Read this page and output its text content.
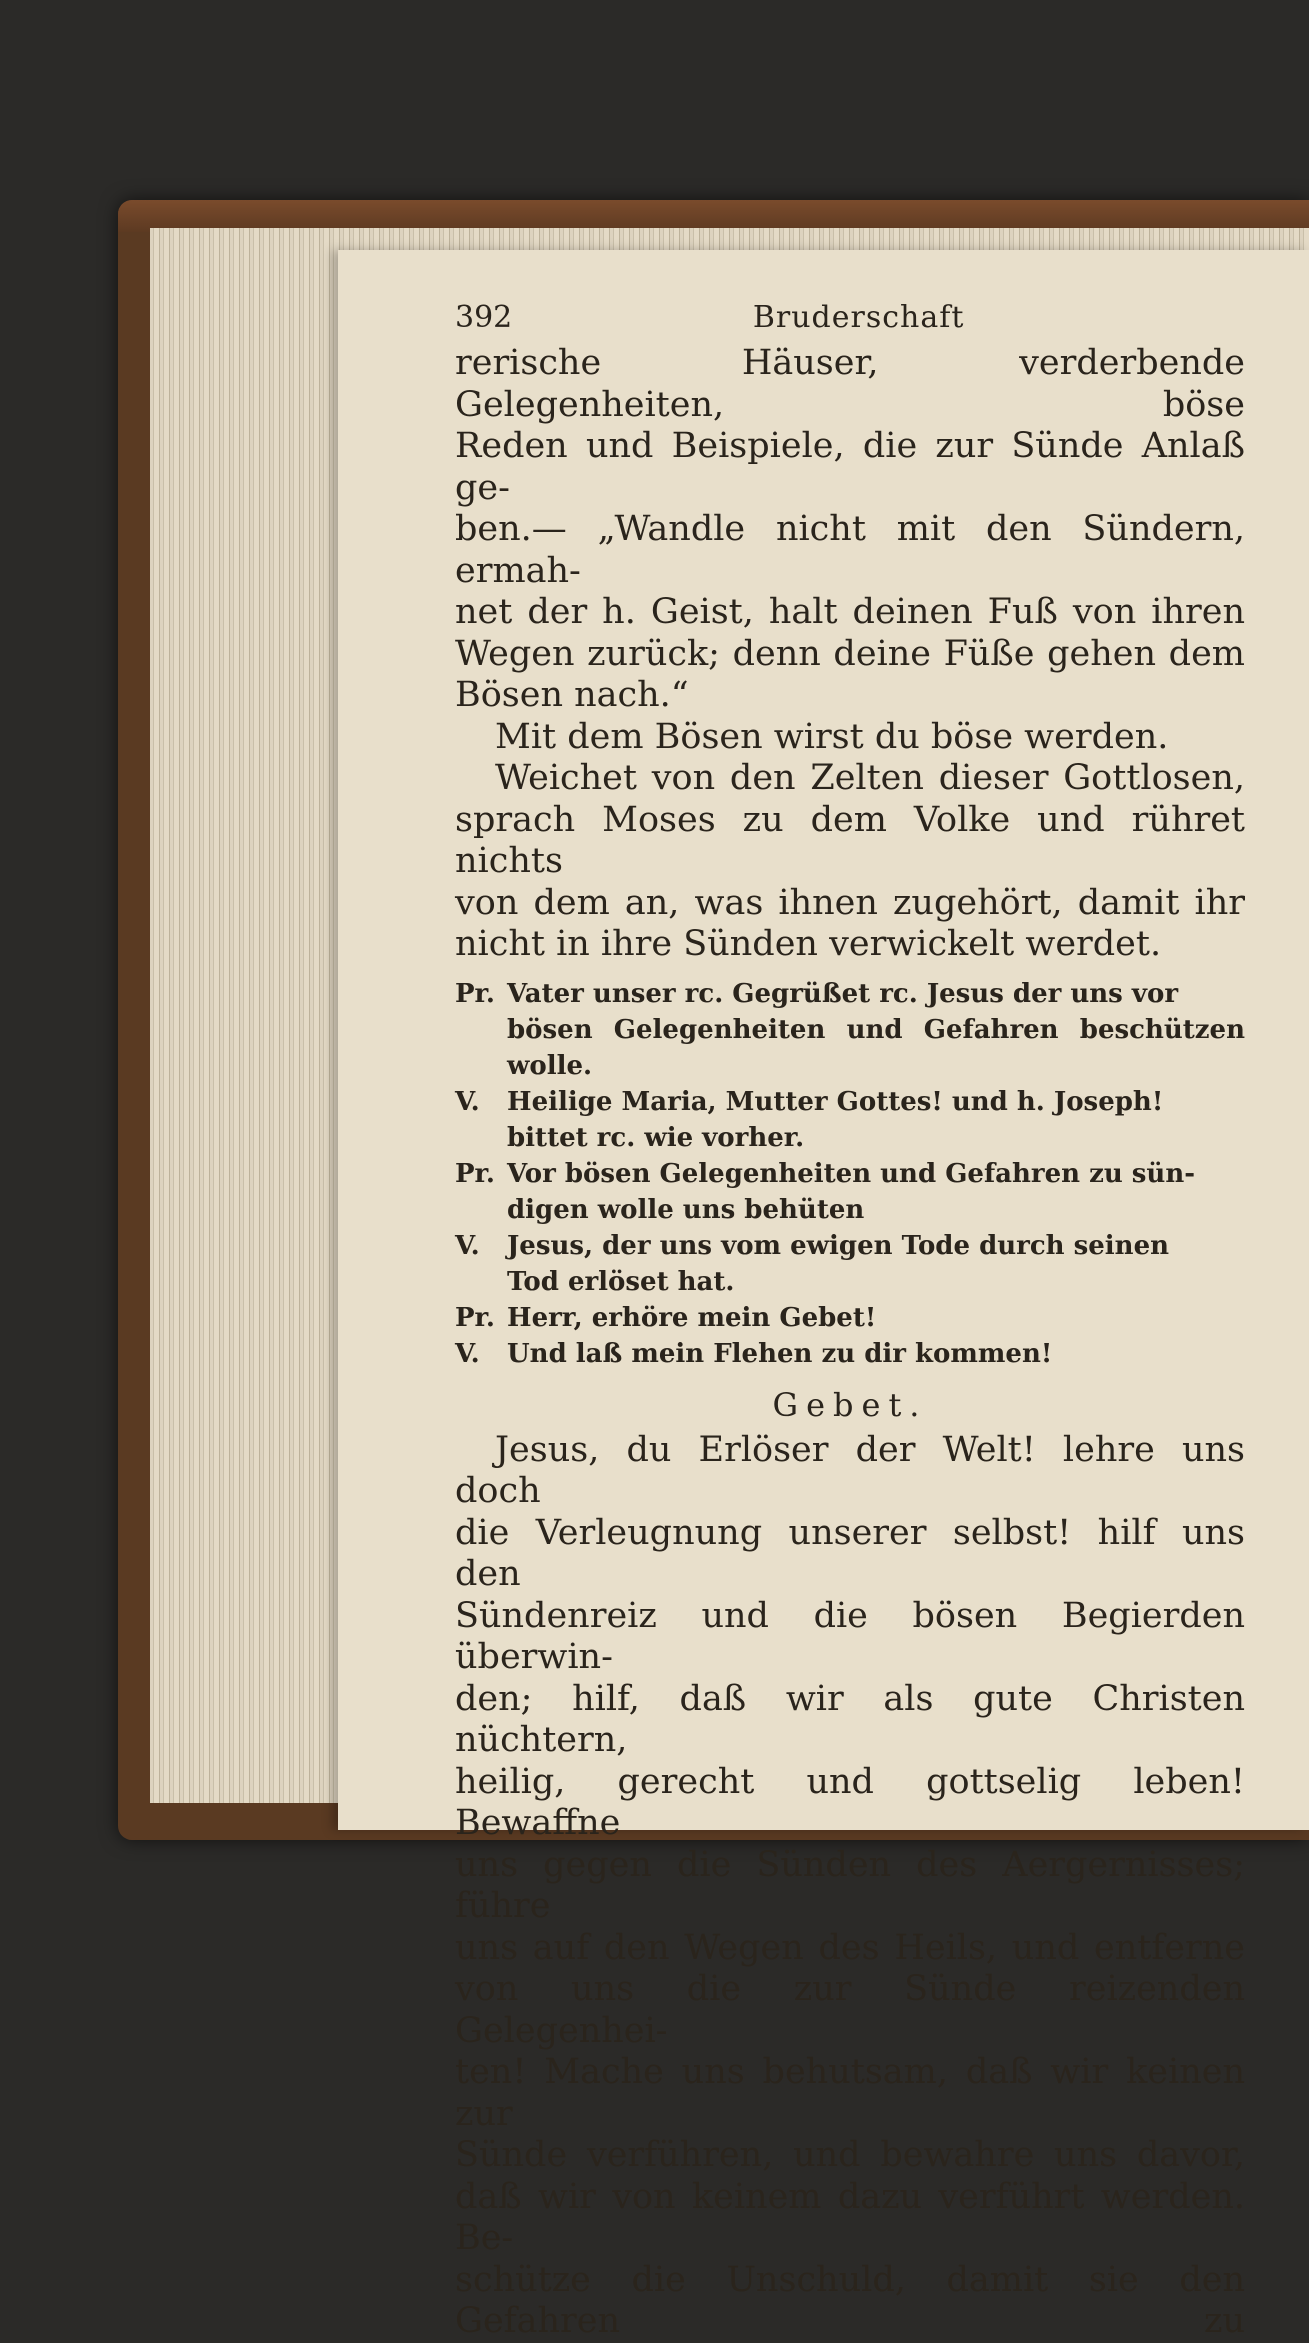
392	Bruderschaft

rerische Häuser, verderbende Gelegenheiten, böse

Reden und Beispiele, die zur Sünde Anlaß ge-

ben.— „Wandle nicht mit den Sündern, ermah-

net der h. Geist, halt deinen Fuß von ihren

Wegen zurück; denn deine Füße gehen dem

Bösen nach.“

Mit dem Bösen wirst du böse werden.

Weichet von den Zelten dieser Gottlosen,

sprach Moses zu dem Volke und rühret nichts

von dem an, was ihnen zugehört, damit ihr

nicht in ihre Sünden verwickelt werdet.

Pr. Vater unser rc. Gegrüßet rc. Jesus der uns vor
bösen Gelegenheiten und Gefahren beschützen wolle.
V.	Heilige Maria, Mutter Gottes! und h. Joseph!
bittet rc. wie vorher.
Pr. Vor bösen Gelegenheiten und Gefahren zu sün-
digen wolle uns behüten
V.	Jesus, der uns vom ewigen Tode durch seinen
Tod erlöset hat.
Pr. Herr, erhöre mein Gebet!
V.	Und laß mein Flehen zu dir kommen!
Gebet.

Jesus, du Erlöser der Welt! lehre uns doch

die Verleugnung unserer selbst! hilf uns den

Sündenreiz und die bösen Begierden überwin-

den; hilf, daß wir als gute Christen nüchtern,

heilig, gerecht und gottselig leben! Bewaffne

uns gegen die Sünden des Aergernisses; führe

uns auf den Wegen des Heils, und entferne

von uns die zur Sünde reizenden Gelegenhei-

ten! Mache uns behutsam, daß wir keinen zur

Sünde verführen, und bewahre uns davor,

daß wir von keinem dazu verführt werden. Be-

schütze die Unschuld, damit sie den Gefahren zu
